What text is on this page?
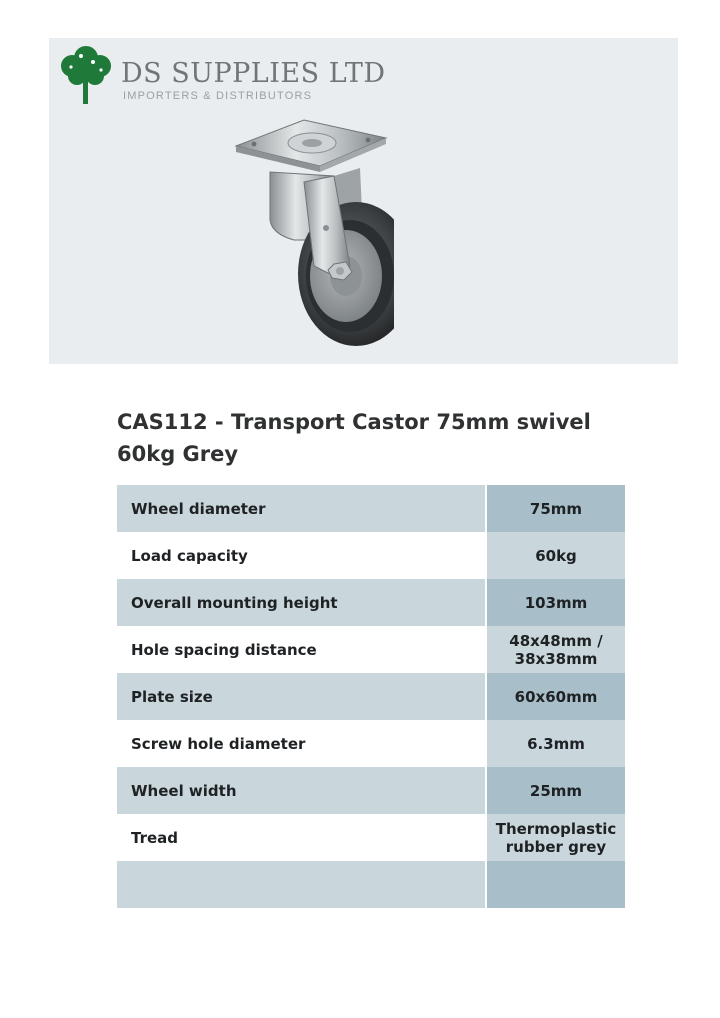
DS SUPPLIES LTD
IMPORTERS & DISTRIBUTORS
CAS112 - Transport Castor 75mm swivel 60kg Grey
Wheel diameter	75mm
Load capacity	60kg
Overall mounting height	103mm
Hole spacing distance	48x48mm / 38x38mm
Plate size	60x60mm
Screw hole diameter	6.3mm
Wheel width	25mm
Tread	Thermoplastic rubber grey
